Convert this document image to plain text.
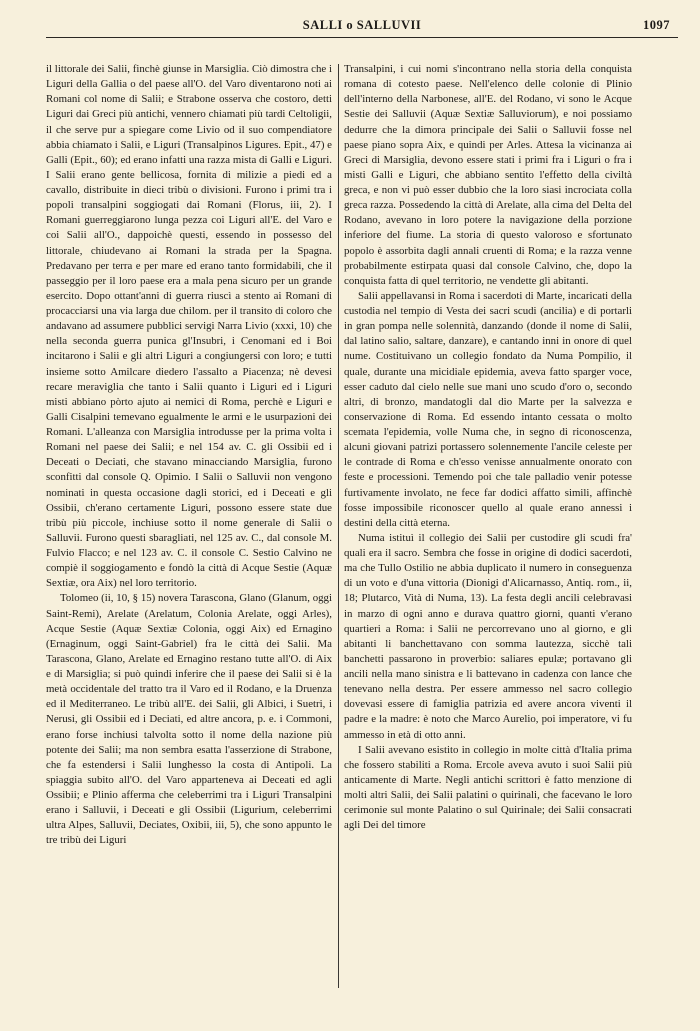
SALLI o SALLUVII	1097

il littorale dei Salii, finchè giunse in Marsiglia. Ciò dimostra che i Liguri della Gallia o del paese all'O. del Varo diventarono noti ai Romani col nome di Salii; e Strabone osserva che costoro, detti Liguri dai Greci più antichi, vennero chiamati più tardi Celtoligii, il che serve pur a spiegare come Livio od il suo compendiatore abbia chiamato i Salii, e Liguri (Transalpinos Ligures. Epit., 47) e Galli (Epit., 60); ed erano infatti una razza mista di Galli e Liguri. I Salii erano gente bellicosa, fornita di milizie a piedi ed a cavallo, distribuite in dieci tribù o divisioni. Furono i primi tra i popoli transalpini soggiogati dai Romani (Florus, iii, 2). I Romani guerreggiarono lunga pezza coi Liguri all'E. del Varo e coi Salii all'O., dappoichè questi, essendo in possesso del littorale, chiudevano ai Romani la strada per la Spagna. Predavano per terra e per mare ed erano tanto formidabili, che il passeggio per il loro paese era a mala pena sicuro per un grande esercito. Dopo ottant'anni di guerra riuscì a stento ai Romani di procacciarsi una via larga due chilom. per il transito di coloro che andavano ad assumere pubblici servigi Narra Livio (xxxi, 10) che nella seconda guerra punica gl'Insubri, i Cenomani ed i Boi incitarono i Salii e gli altri Liguri a congiungersi con loro; e tutti insieme sotto Amilcare diedero l'assalto a Piacenza; nè devesi recare meraviglia che tanto i Salii quanto i Liguri ed i Liguri misti abbiano pòrto ajuto ai nemici di Roma, perchè e Liguri e Galli Cisalpini temevano egualmente le armi e le usurpazioni dei Romani. L'alleanza con Marsiglia introdusse per la prima volta i Romani nel paese dei Salii; e nel 154 av. C. gli Ossibii ed i Deceati o Deciati, che stavano minacciando Marsiglia, furono sconfitti dal console Q. Opimio. I Salii o Salluvii non vengono nominati in questa occasione dagli storici, ed i Deceati e gli Ossibii, ch'erano certamente Liguri, possono essere state due tribù più piccole, inchiuse sotto il nome generale di Salii o Salluvii. Furono questi sbaragliati, nel 125 av. C., dal console M. Fulvio Flacco; e nel 123 av. C. il console C. Sestio Calvino ne compiè il soggiogamento e fondò la città di Acque Sestie (Aquæ Sextiæ, ora Aix) nel loro territorio.

Tolomeo (ii, 10, § 15) novera Tarascona, Glano (Glanum, oggi Saint-Remi), Arelate (Arelatum, Colonia Arelate, oggi Arles), Acque Sestie (Aquæ Sextiæ Colonia, oggi Aix) ed Ernagino (Ernaginum, oggi Saint-Gabriel) fra le città dei Salii. Ma Tarascona, Glano, Arelate ed Ernagino restano tutte all'O. di Aix e di Marsiglia; si può quindi inferire che il paese dei Salii si è la metà occidentale del tratto tra il Varo ed il Rodano, e la Druenza ed il Mediterraneo. Le tribù all'E. dei Salii, gli Albici, i Suetri, i Nerusi, gli Ossibii ed i Deciati, ed altre ancora, p. e. i Commoni, erano forse inchiusi talvolta sotto il nome della nazione più potente dei Salii; ma non sembra esatta l'asserzione di Strabone, che fa estendersi i Salii lunghesso la costa di Antipoli. La spiaggia subito all'O. del Varo apparteneva ai Deceati ed agli Ossibii; e Plinio afferma che celeberrimi tra i Liguri Transalpini erano i Salluvii, i Deceati e gli Ossibii (Ligurium, celeberrimi ultra Alpes, Salluvii, Deciates, Oxibii, iii, 5), che sono appunto le tre tribù dei Liguri

Transalpini, i cui nomi s'incontrano nella storia della conquista romana di cotesto paese. Nell'elenco delle colonie di Plinio dell'interno della Narbonese, all'E. del Rodano, vi sono le Acque Sestie dei Salluvii (Aquæ Sextiæ Salluviorum), e noi possiamo dedurre che la dimora principale dei Salii o Salluvii fosse nel paese piano sopra Aix, e quindi per Arles. Attesa la vicinanza ai Greci di Marsiglia, devono essere stati i primi fra i Liguri o fra i misti Galli e Liguri, che abbiano sentito l'effetto della civiltà greca, e non vi può esser dubbio che la loro siasi incrociata colla greca razza. Possedendo la città di Arelate, alla cima del Delta del Rodano, avevano in loro potere la navigazione della porzione inferiore del fiume. La storia di questo valoroso e sfortunato popolo è assorbita dagli annali cruenti di Roma; e la razza venne probabilmente estirpata quasi dal console Calvino, che, dopo la conquista fatta di quel territorio, ne vendette gli abitanti.

Salii appellavansi in Roma i sacerdoti di Marte, incaricati della custodia nel tempio di Vesta dei sacri scudi (ancilia) e di portarli in gran pompa nelle solennità, danzando (donde il nome di Salii, dal latino salio, saltare, danzare), e cantando inni in onore di quel nume. Costituivano un collegio fondato da Numa Pompilio, il quale, durante una micidiale epidemia, aveva fatto sparger voce, esser caduto dal cielo nelle sue mani uno scudo d'oro o, secondo altri, di bronzo, mandatogli dal dio Marte per la salvezza e conservazione di Roma. Ed essendo intanto cessata o molto scemata l'epidemia, volle Numa che, in segno di riconoscenza, alcuni giovani patrizi portassero solennemente l'ancile celeste per le contrade di Roma e ch'esso venisse annualmente onorato con feste e processioni. Temendo poi che tale palladio venir potesse furtivamente involato, ne fece far dodici affatto simili, affinchè fosse impossibile riconoscer quello al quale erano annessi i destini della città eterna.

Numa istituì il collegio dei Salii per custodire gli scudi fra' quali era il sacro. Sembra che fosse in origine di dodici sacerdoti, ma che Tullo Ostilio ne abbia duplicato il numero in conseguenza di un voto e d'una vittoria (Dionigi d'Alicarnasso, Antiq. rom., ii, 18; Plutarco, Vità di Numa, 13). La festa degli ancili celebravasi in marzo di ogni anno e durava quattro giorni, quanti v'erano quartieri a Roma: i Salii ne percorrevano uno al giorno, e gli abitanti li banchettavano con somma lautezza, sicchè tali banchetti passarono in proverbio: saliares epulæ; portavano gli ancili nella mano sinistra e li battevano in cadenza con lance che tenevano nella destra. Per essere ammesso nel sacro collegio dovevasi essere di famiglia patrizia ed avere ancora viventi il padre e la madre: è noto che Marco Aurelio, poi imperatore, vi fu ammesso in età di otto anni.

I Salii avevano esistito in collegio in molte città d'Italia prima che fossero stabiliti a Roma. Ercole aveva avuto i suoi Salii più anticamente di Marte. Negli antichi scrittori è fatto menzione di molti altri Salii, dei Salii palatini o quirinali, che facevano le loro cerimonie sul monte Palatino o sul Quirinale; dei Salii consacrati agli Dei del timore
